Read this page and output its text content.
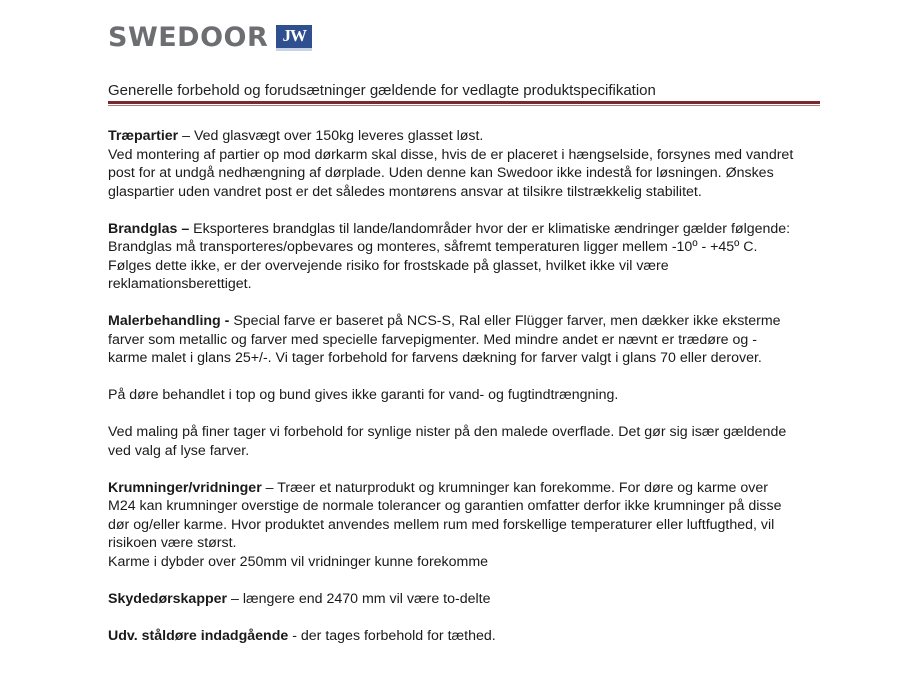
SWEDOOR JW
Generelle forbehold og forudsætninger gældende for vedlagte produktspecifikation

Træpartier – Ved glasvægt over 150kg leveres glasset løst.
Ved montering af partier op mod dørkarm skal disse, hvis de er placeret i hængselside, forsynes med vandret
post for at undgå nedhængning af dørplade. Uden denne kan Swedoor ikke indestå for løsningen. Ønskes
glaspartier uden vandret post er det således montørens ansvar at tilsikre tilstrækkelig stabilitet.

Brandglas – Eksporteres brandglas til lande/landområder hvor der er klimatiske ændringer gælder følgende:
Brandglas må transporteres/opbevares og monteres, såfremt temperaturen ligger mellem -10º - +45º C.
Følges dette ikke, er der overvejende risiko for frostskade på glasset, hvilket ikke vil være
reklamationsberettiget.

Malerbehandling - Special farve er baseret på NCS-S, Ral eller Flügger farver, men dækker ikke eksterme
farver som metallic og farver med specielle farvepigmenter. Med mindre andet er nævnt er trædøre og -
karme malet i glans 25+/-. Vi tager forbehold for farvens dækning for farver valgt i glans 70 eller derover.

På døre behandlet i top og bund gives ikke garanti for vand- og fugtindtrængning.

Ved maling på finer tager vi forbehold for synlige nister på den malede overflade. Det gør sig især gældende
ved valg af lyse farver.

Krumninger/vridninger – Træer et naturprodukt og krumninger kan forekomme. For døre og karme over
M24 kan krumninger overstige de normale tolerancer og garantien omfatter derfor ikke krumninger på disse
dør og/eller karme. Hvor produktet anvendes mellem rum med forskellige temperaturer eller luftfugthed, vil
risikoen være størst.
Karme i dybder over 250mm vil vridninger kunne forekomme

Skydedørskapper – længere end 2470 mm vil være to-delte

Udv. ståldøre indadgående - der tages forbehold for tæthed.
